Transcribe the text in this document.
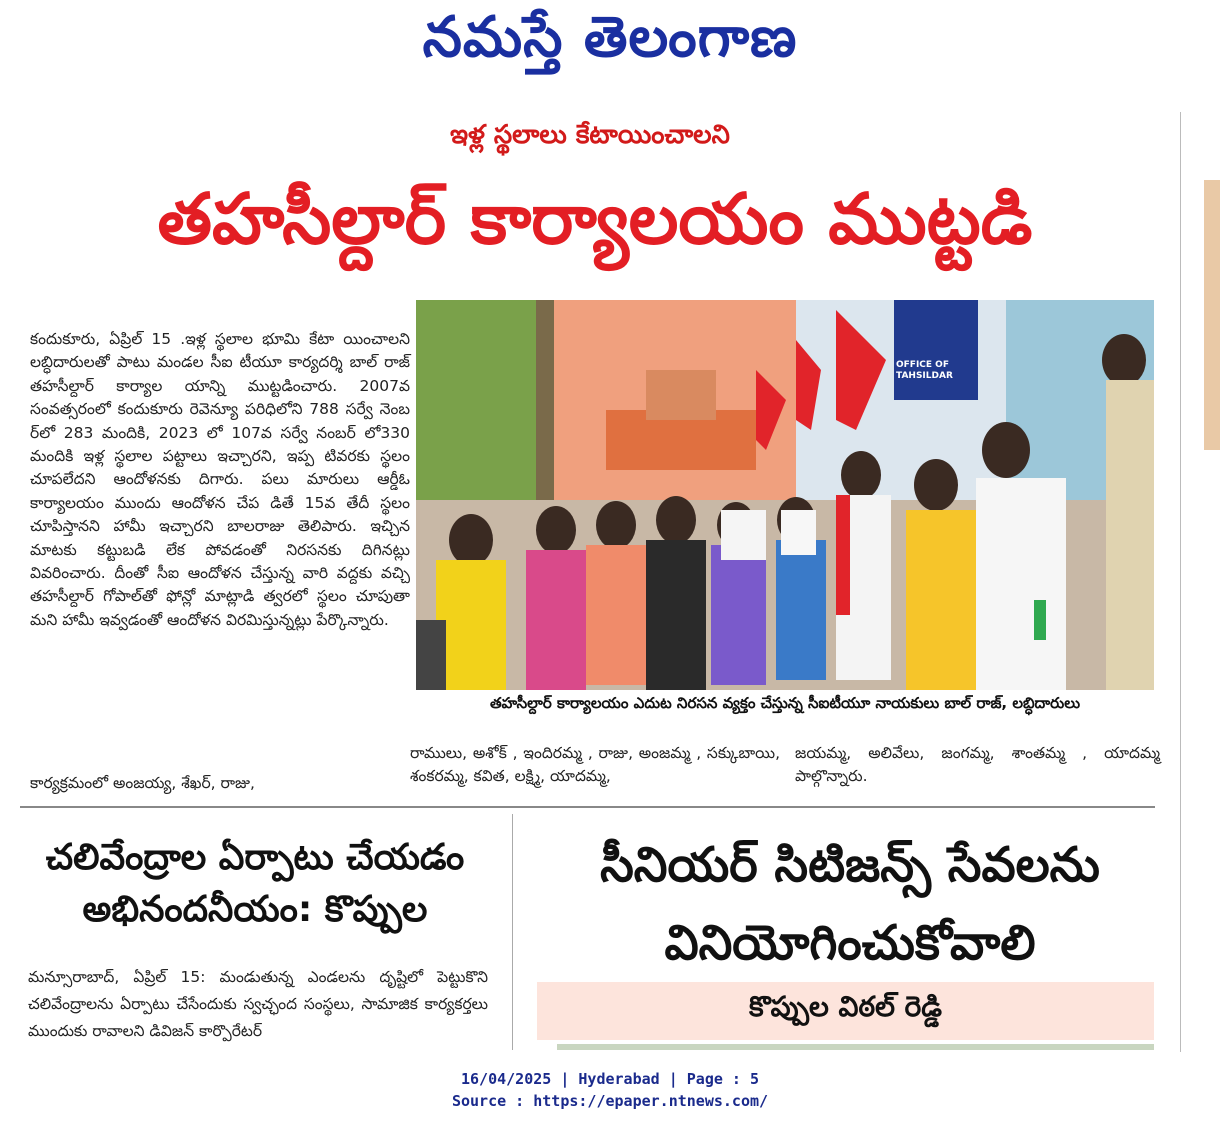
నమస్తే తెలంగాణ
ఇళ్ల స్థలాలు కేటాయించాలని
తహసీల్దార్ కార్యాలయం ముట్టడి
కందుకూరు, ఏప్రిల్ 15 .ఇళ్ల స్థలాల భూమి కేటా యించాలని లబ్ధిదారులతో పాటు మండల సీఐ టీయూ కార్యదర్శి బాల్ రాజ్ తహసీల్దార్ కార్యాల యాన్ని ముట్టడించారు. 2007వ సంవత్సరంలో కందుకూరు రెవెన్యూ పరిధిలోని 788 సర్వే నెంబ ర్‌లో 283 మందికి, 2023 లో 107వ సర్వే నంబర్ లో330 మందికి ఇళ్ల స్థలాల పట్టాలు ఇచ్చారని, ఇప్ప టివరకు స్థలం చూపలేదని ఆందోళనకు దిగారు. పలు మారులు ఆర్డీఓ కార్యాలయం ముందు ఆందోళన చేప డితే 15వ తేదీ స్థలం చూపిస్తానని హామీ ఇచ్చారని బాలరాజు తెలిపారు. ఇచ్చిన మాటకు కట్టుబడి లేక పోవడంతో నిరసనకు దిగినట్లు వివరించారు. దీంతో సీఐ ఆందోళన చేస్తున్న వారి వద్దకు వచ్చి తహసీల్దార్ గోపాల్‌తో ఫోన్లో మాట్లాడి త్వరలో స్థలం చూపుతా మని హామీ ఇవ్వడంతో ఆందోళన విరమిస్తున్నట్లు పేర్కొన్నారు.
OFFICE OF TAHSILDAR
తహసీల్దార్ కార్యాలయం ఎదుట నిరసన వ్యక్తం చేస్తున్న సీఐటీయూ నాయకులు బాల్ రాజ్, లబ్ధిదారులు
కార్యక్రమంలో అంజయ్య, శేఖర్, రాజు,
రాములు, అశోక్ , ఇందిరమ్మ , రాజు, అంజమ్మ , సక్కుబాయి, శంకరమ్మ, కవిత, లక్ష్మి, యాదమ్మ,
జయమ్మ, అలివేలు, జంగమ్మ, శాంతమ్మ , యాదమ్మ పాల్గొన్నారు.
చలివేంద్రాల ఏర్పాటు చేయడం అభినందనీయం: కొప్పుల
మన్సూరాబాద్, ఏప్రిల్ 15: మండుతున్న ఎండలను దృష్టిలో పెట్టుకొని చలివేంద్రాలను ఏర్పాటు చేసేందుకు స్వచ్ఛంద సంస్థలు, సామాజిక కార్యకర్తలు ముందుకు రావాలని డివిజన్ కార్పొరేటర్
సీనియర్ సిటిజన్స్ సేవలను వినియోగించుకోవాలి
కొప్పుల విఠల్ రెడ్డి
16/04/2025 | Hyderabad | Page : 5
Source : https://epaper.ntnews.com/
